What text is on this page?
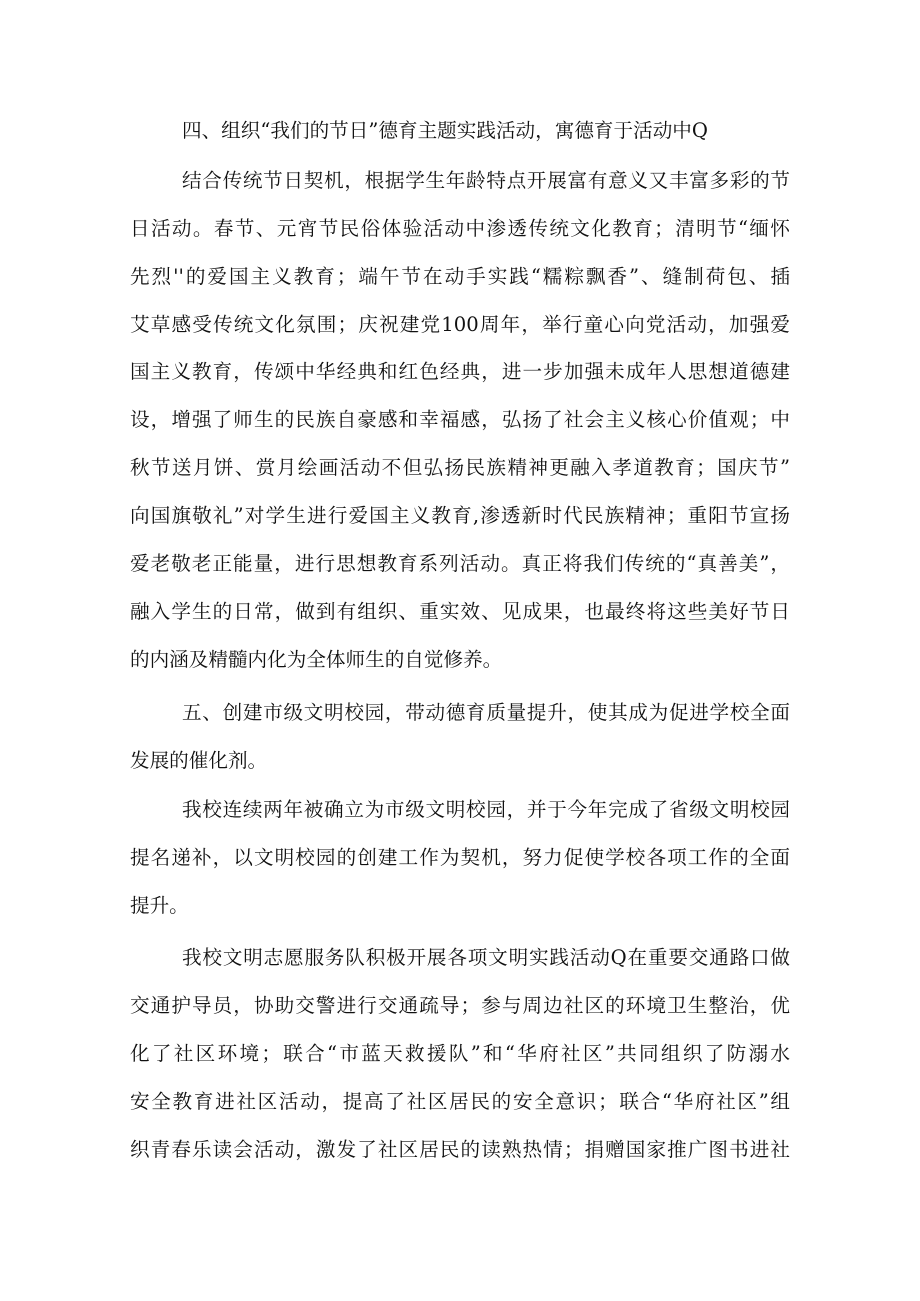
四、组织“我们的节日”德育主题实践活动，寓德育于活动中Q
结合传统节日契机，根据学生年龄特点开展富有意义又丰富多彩的节
日活动。春节、元宵节民俗体验活动中渗透传统文化教育；清明节“缅怀
先烈''的爱国主义教育；端午节在动手实践“糯粽飘香”、缝制荷包、插
艾草感受传统文化氛围；庆祝建党100周年，举行童心向党活动，加强爱
国主义教育，传颂中华经典和红色经典，进一步加强未成年人思想道德建
设，增强了师生的民族自豪感和幸福感，弘扬了社会主义核心价值观；中
秋节送月饼、赏月绘画活动不但弘扬民族精神更融入孝道教育；国庆节”
向国旗敬礼”对学生进行爱国主义教育,渗透新时代民族精神；重阳节宣扬
爱老敬老正能量，进行思想教育系列活动。真正将我们传统的“真善美”，
融入学生的日常，做到有组织、重实效、见成果，也最终将这些美好节日
的内涵及精髓内化为全体师生的自觉修养。
五、创建市级文明校园，带动德育质量提升，使其成为促进学校全面
发展的催化剂。
我校连续两年被确立为市级文明校园，并于今年完成了省级文明校园
提名递补，以文明校园的创建工作为契机，努力促使学校各项工作的全面
提升。
我校文明志愿服务队积极开展各项文明实践活动Q在重要交通路口做
交通护导员，协助交警进行交通疏导；参与周边社区的环境卫生整治，优
化了社区环境；联合“市蓝天救援队”和“华府社区”共同组织了防溺水
安全教育进社区活动，提高了社区居民的安全意识；联合“华府社区”组
织青春乐读会活动，激发了社区居民的读熟热情；捐赠国家推广图书进社
